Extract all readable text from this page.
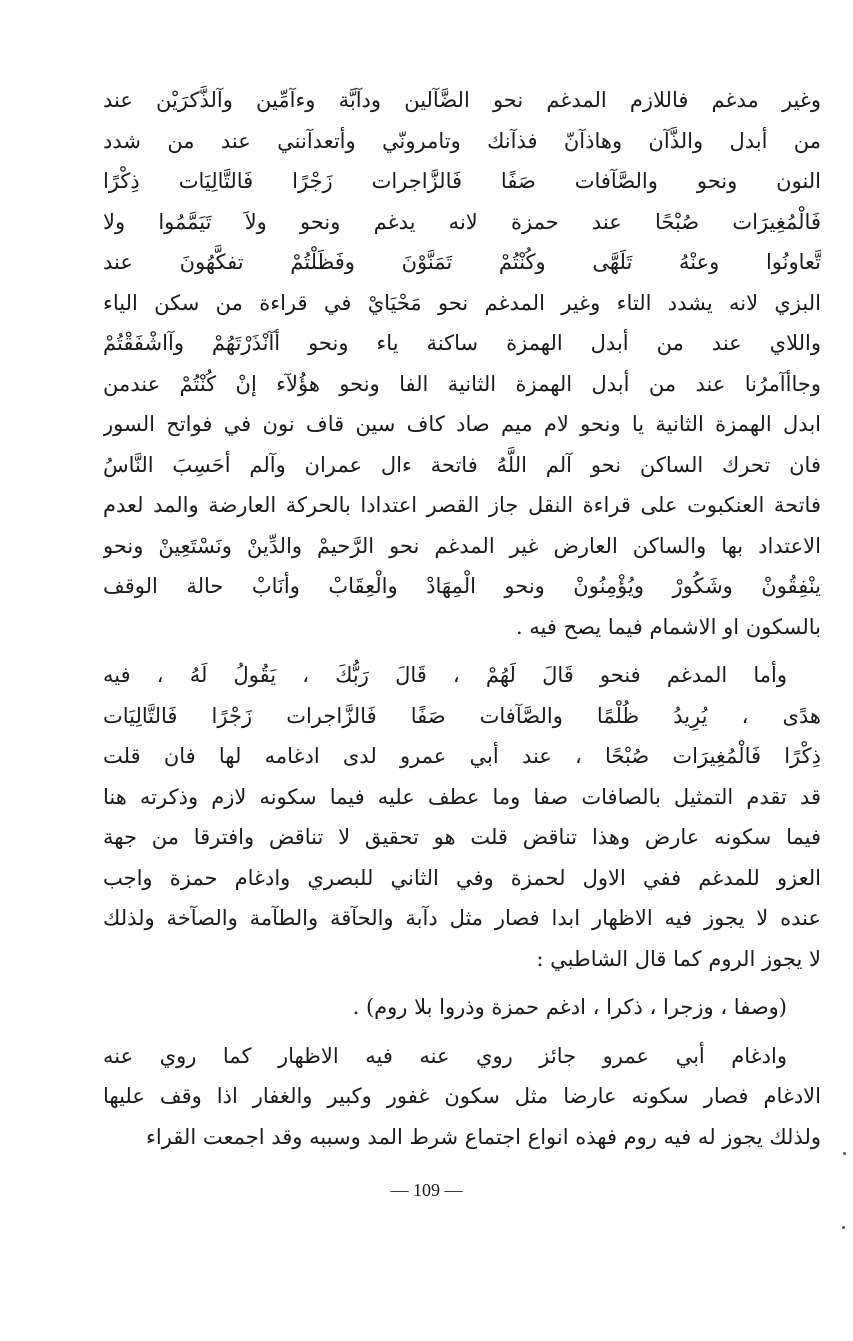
وغير مدغم فاللازم المدغم نحو الضَّآلين ودآبَّة وءآمِّين وآلذَّكرَيْن عند
من أبدل والذَّآن وهاذآنّ فذآنك وتامرونّي وأتعدآنني عند من شدد
النون ونحو والصَّآفات صَفًا فَالزَّاجرات زَجْرًا فَالتَّالِيَات ذِكْرًا
فَالْمُغِيرَات صُبْحًا عند حمزة لانه يدغم ونحو ولاَ تَيَمَّمُوا ولا
تَّعاونُوا وعنْهُ تَلَهَّى وكُنْتُمْ تَمَنَّوْنَ وفَظَلْتُمْ تفكَّهُونَ عند
البزي لانه يشدد التاء وغير المدغم نحو مَحْيَايْ في قراءة من سكن الياء
واللاي عند من أبدل الهمزة ساكنة ياء ونحو أآنْذَرْتَهُمْ وآاشْفَقْتُمْ
وجاأآمرُنا عند من أبدل الهمزة الثانية الفا ونحو هؤُلآء إنْ كُنْتُمْ عندمن
ابدل الهمزة الثانية يا ونحو لام ميم صاد كاف سين قاف نون في فواتح السور
فان تحرك الساكن نحو آلم اللَّهُ فاتحة ءال عمران وآلم أحَسِبَ النَّاسُ
فاتحة العنكبوت على قراءة النقل جاز القصر اعتدادا بالحركة العارضة والمد لعدم
الاعتداد بها والساكن العارض غير المدغم نحو الرَّحيمْ والدِّينْ ونَسْتَعِينْ ونحو
ينْفِقُونْ وشَكُورْ ويُؤْمِنُونْ ونحو الْمِهَادْ والْعِقَابْ وأنَابْ حالة الوقف
بالسكون او الاشمام فيما يصح فيه .
وأما المدغم فنحو قَالَ لَهُمْ ، قَالَ رَبُّكَ ، يَقُولُ لَهُ ، فيه
هدًى ، يُرِيدُ ظُلْمًا والصَّآفات صَفًا فَالزَّاجرات زَجْرًا فَالتَّالِيَات
ذِكْرًا فَالْمُغِيرَات صُبْحًا ، عند أبي عمرو لدى ادغامه لها فان قلت
قد تقدم التمثيل بالصافات صفا وما عطف عليه فيما سكونه لازم وذكرته هنا
فيما سكونه عارض وهذا تناقض قلت هو تحقيق لا تناقض وافترقا من جهة
العزو للمدغم ففي الاول لحمزة وفي الثاني للبصري وادغام حمزة واجب
عنده لا يجوز فيه الاظهار ابدا فصار مثل دآبة والحآقة والطآمة والصآخة ولذلك
لا يجوز الروم كما قال الشاطبي :
(وصفا ، وزجرا ، ذكرا ، ادغم حمزة وذروا بلا روم) .
وادغام أبي عمرو جائز روي عنه فيه الاظهار كما روي عنه
الادغام فصار سكونه عارضا مثل سكون غفور وكبير والغفار اذا وقف عليها
ولذلك يجوز له فيه روم فهذه انواع اجتماع شرط المد وسببه وقد اجمعت القراء
— 109 —
